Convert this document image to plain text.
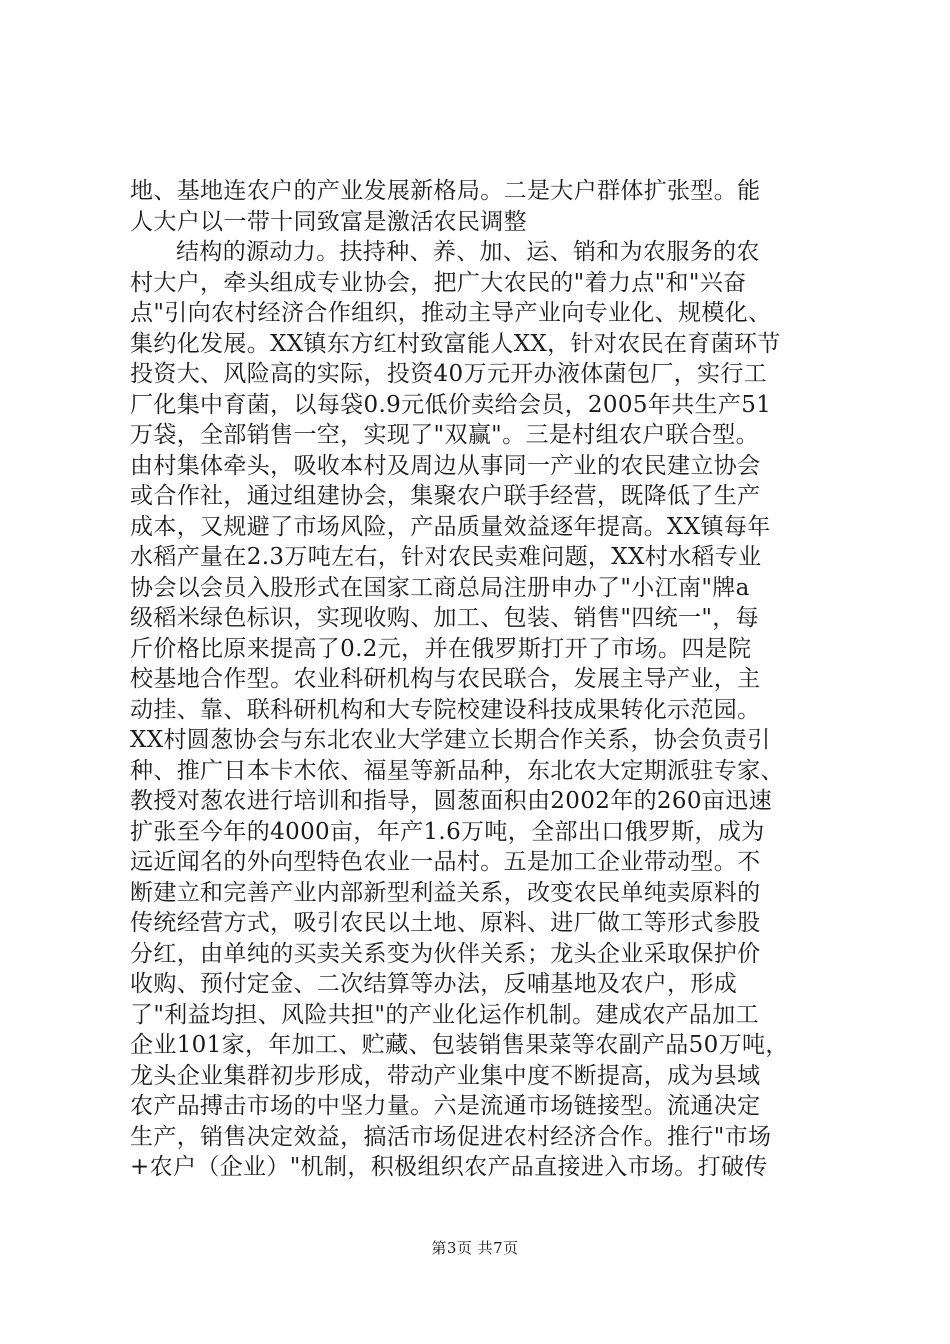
地、基地连农户的产业发展新格局。二是大户群体扩张型。能
人大户以一带十同致富是激活农民调整
结构的源动力。扶持种、养、加、运、销和为农服务的农
村大户，牵头组成专业协会，把广大农民的"着力点"和"兴奋
点"引向农村经济合作组织，推动主导产业向专业化、规模化、
集约化发展。XX镇东方红村致富能人XX，针对农民在育菌环节
投资大、风险高的实际，投资40万元开办液体菌包厂，实行工
厂化集中育菌，以每袋0.9元低价卖给会员，2005年共生产51
万袋，全部销售一空，实现了"双赢"。三是村组农户联合型。
由村集体牵头，吸收本村及周边从事同一产业的农民建立协会
或合作社，通过组建协会，集聚农户联手经营，既降低了生产
成本，又规避了市场风险，产品质量效益逐年提高。XX镇每年
水稻产量在2.3万吨左右，针对农民卖难问题，XX村水稻专业
协会以会员入股形式在国家工商总局注册申办了"小江南"牌a
级稻米绿色标识，实现收购、加工、包装、销售"四统一"，每
斤价格比原来提高了0.2元，并在俄罗斯打开了市场。四是院
校基地合作型。农业科研机构与农民联合，发展主导产业，主
动挂、靠、联科研机构和大专院校建设科技成果转化示范园。
XX村圆葱协会与东北农业大学建立长期合作关系，协会负责引
种、推广日本卡木依、福星等新品种，东北农大定期派驻专家、
教授对葱农进行培训和指导，圆葱面积由2002年的260亩迅速
扩张至今年的4000亩，年产1.6万吨，全部出口俄罗斯，成为
远近闻名的外向型特色农业一品村。五是加工企业带动型。不
断建立和完善产业内部新型利益关系，改变农民单纯卖原料的
传统经营方式，吸引农民以土地、原料、进厂做工等形式参股
分红，由单纯的买卖关系变为伙伴关系；龙头企业采取保护价
收购、预付定金、二次结算等办法，反哺基地及农户，形成
了"利益均担、风险共担"的产业化运作机制。建成农产品加工
企业101家，年加工、贮藏、包装销售果菜等农副产品50万吨，
龙头企业集群初步形成，带动产业集中度不断提高，成为县域
农产品搏击市场的中坚力量。六是流通市场链接型。流通决定
生产，销售决定效益，搞活市场促进农村经济合作。推行"市场
+农户（企业）"机制，积极组织农产品直接进入市场。打破传
第3页 共7页
